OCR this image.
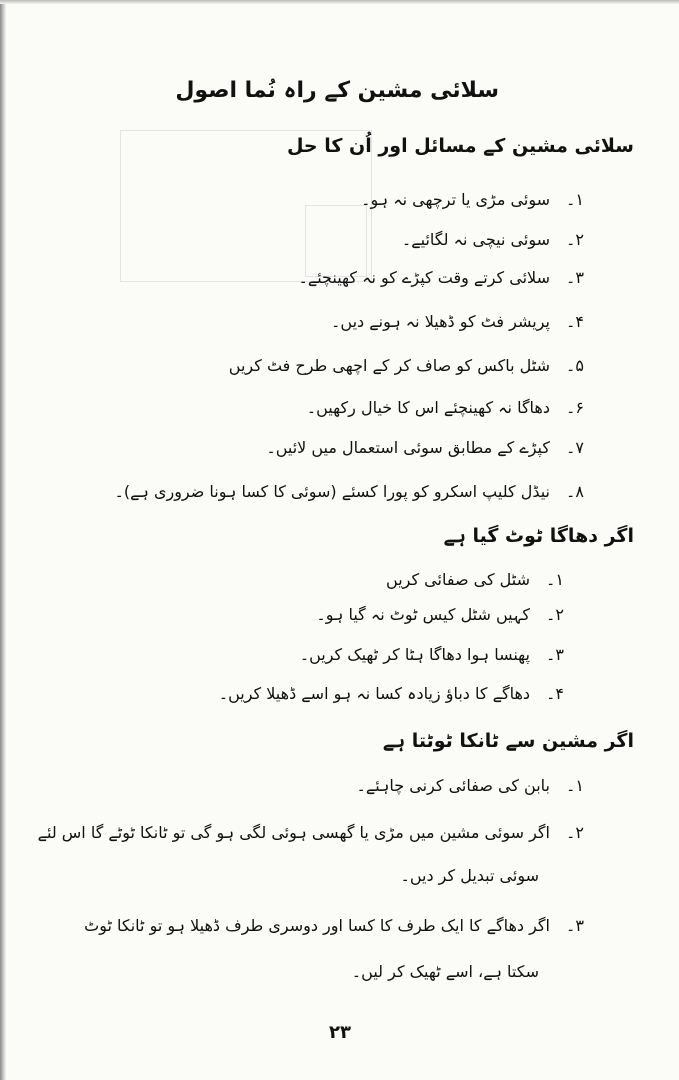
سلائی مشین کے راہ نُما اصول
سلائی مشین کے مسائل اور اُن کا حل
۱۔سوئی مڑی یا ترچھی نہ ہو۔
۲۔سوئی نیچی نہ لگائیے۔
۳۔سلائی کرتے وقت کپڑے کو نہ کھینچئے۔
۴۔پریشر فٹ کو ڈھیلا نہ ہونے دیں۔
۵۔شٹل باکس کو صاف کر کے اچھی طرح فٹ کریں
۶۔دھاگا نہ کھینچئے اس کا خیال رکھیں۔
۷۔کپڑے کے مطابق سوئی استعمال میں لائیں۔
۸۔نیڈل کلیپ اسکرو کو پورا کسئے (سوئی کا کسا ہونا ضروری ہے)۔
اگر دھاگا ٹوٹ گیا ہے
۱۔شٹل کی صفائی کریں
۲۔کہیں شٹل کیس ٹوٹ نہ گیا ہو۔
۳۔پھنسا ہوا دھاگا ہٹا کر ٹھیک کریں۔
۴۔دھاگے کا دباؤ زیادہ کسا نہ ہو اسے ڈھیلا کریں۔
اگر مشین سے ٹانکا ٹوٹتا ہے
۱۔بابن کی صفائی کرنی چاہئے۔
۲۔اگر سوئی مشین میں مڑی یا گھسی ہوئی لگی ہو گی تو ٹانکا ٹوٹے گا اس لئے
سوئی تبدیل کر دیں۔
۳۔اگر دھاگے کا ایک طرف کا کسا اور دوسری طرف ڈھیلا ہو تو ٹانکا ٹوٹ
سکتا ہے، اسے ٹھیک کر لیں۔
۲۳
